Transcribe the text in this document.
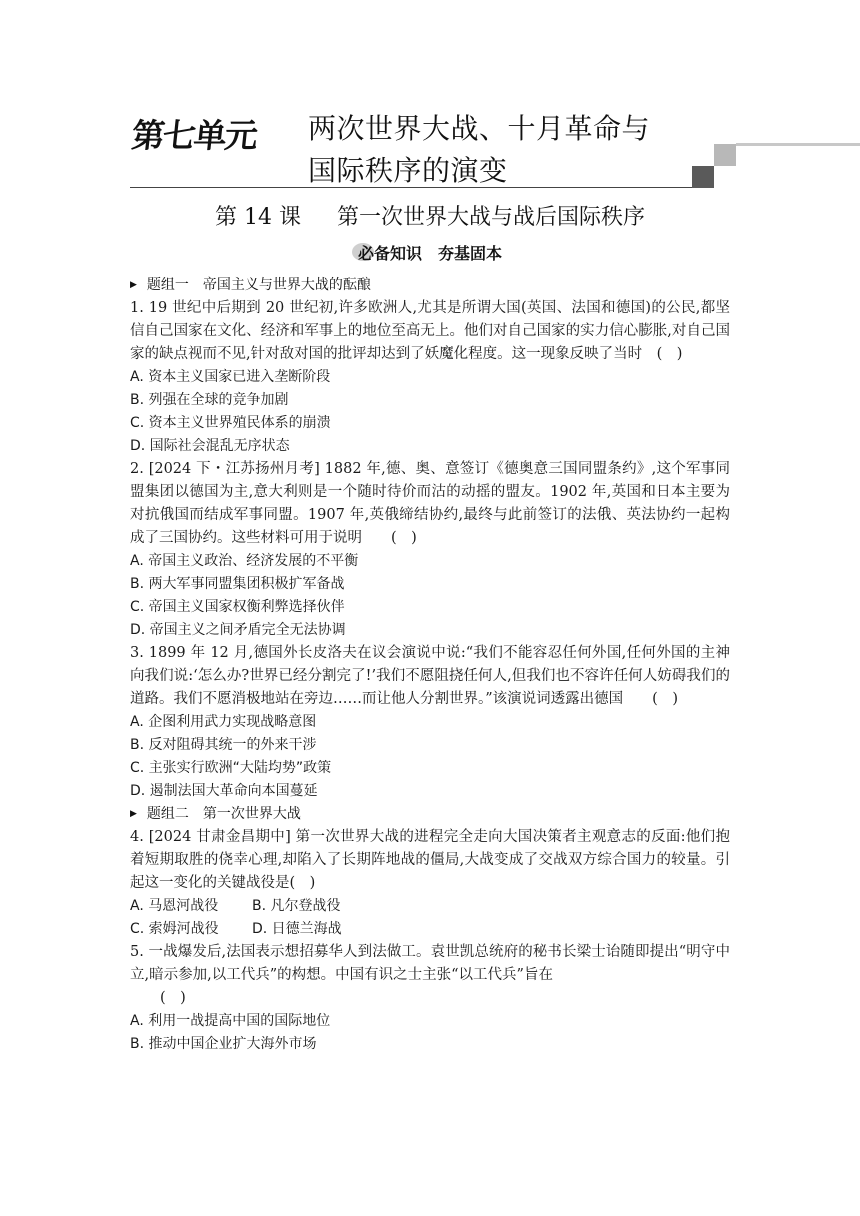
第七单元 两次世界大战、十月革命与
国际秩序的演变
第 14 课 第一次世界大战与战后国际秩序
必备知识　夯基固本
▶ 题组一 帝国主义与世界大战的酝酿
1. 19 世纪中后期到 20 世纪初,许多欧洲人,尤其是所谓大国(英国、法国和德国)的公民,都坚信自己国家在文化、经济和军事上的地位至高无上。他们对自己国家的实力信心膨胀,对自己国家的缺点视而不见,针对敌对国的批评却达到了妖魔化程度。这一现象反映了当时　(　)
A. 资本主义国家已进入垄断阶段
B. 列强在全球的竞争加剧
C. 资本主义世界殖民体系的崩溃
D. 国际社会混乱无序状态
2. [2024 下・江苏扬州月考] 1882 年,德、奥、意签订《德奥意三国同盟条约》,这个军事同盟集团以德国为主,意大利则是一个随时待价而沽的动摇的盟友。1902 年,英国和日本主要为对抗俄国而结成军事同盟。1907 年,英俄缔结协约,最终与此前签订的法俄、英法协约一起构成了三国协约。这些材料可用于说明　　(　)
A. 帝国主义政治、经济发展的不平衡
B. 两大军事同盟集团积极扩军备战
C. 帝国主义国家权衡利弊选择伙伴
D. 帝国主义之间矛盾完全无法协调
3. 1899 年 12 月,德国外长皮洛夫在议会演说中说:“我们不能容忍任何外国,任何外国的主神向我们说:‘怎么办?世界已经分割完了!’我们不愿阻挠任何人,但我们也不容许任何人妨碍我们的道路。我们不愿消极地站在旁边……而让他人分割世界。”该演说词透露出德国　　(　)
A. 企图利用武力实现战略意图
B. 反对阻碍其统一的外来干涉
C. 主张实行欧洲“大陆均势”政策
D. 遏制法国大革命向本国蔓延
▶ 题组二 第一次世界大战
4. [2024 甘肃金昌期中] 第一次世界大战的进程完全走向大国决策者主观意志的反面:他们抱着短期取胜的侥幸心理,却陷入了长期阵地战的僵局,大战变成了交战双方综合国力的较量。引起这一变化的关键战役是(　)
A. 马恩河战役	B. 凡尔登战役
C. 索姆河战役	D. 日德兰海战
5. 一战爆发后,法国表示想招募华人到法做工。袁世凯总统府的秘书长梁士诒随即提出“明守中立,暗示参加,以工代兵”的构想。中国有识之士主张“以工代兵”旨在
(　)
A. 利用一战提高中国的国际地位
B. 推动中国企业扩大海外市场
